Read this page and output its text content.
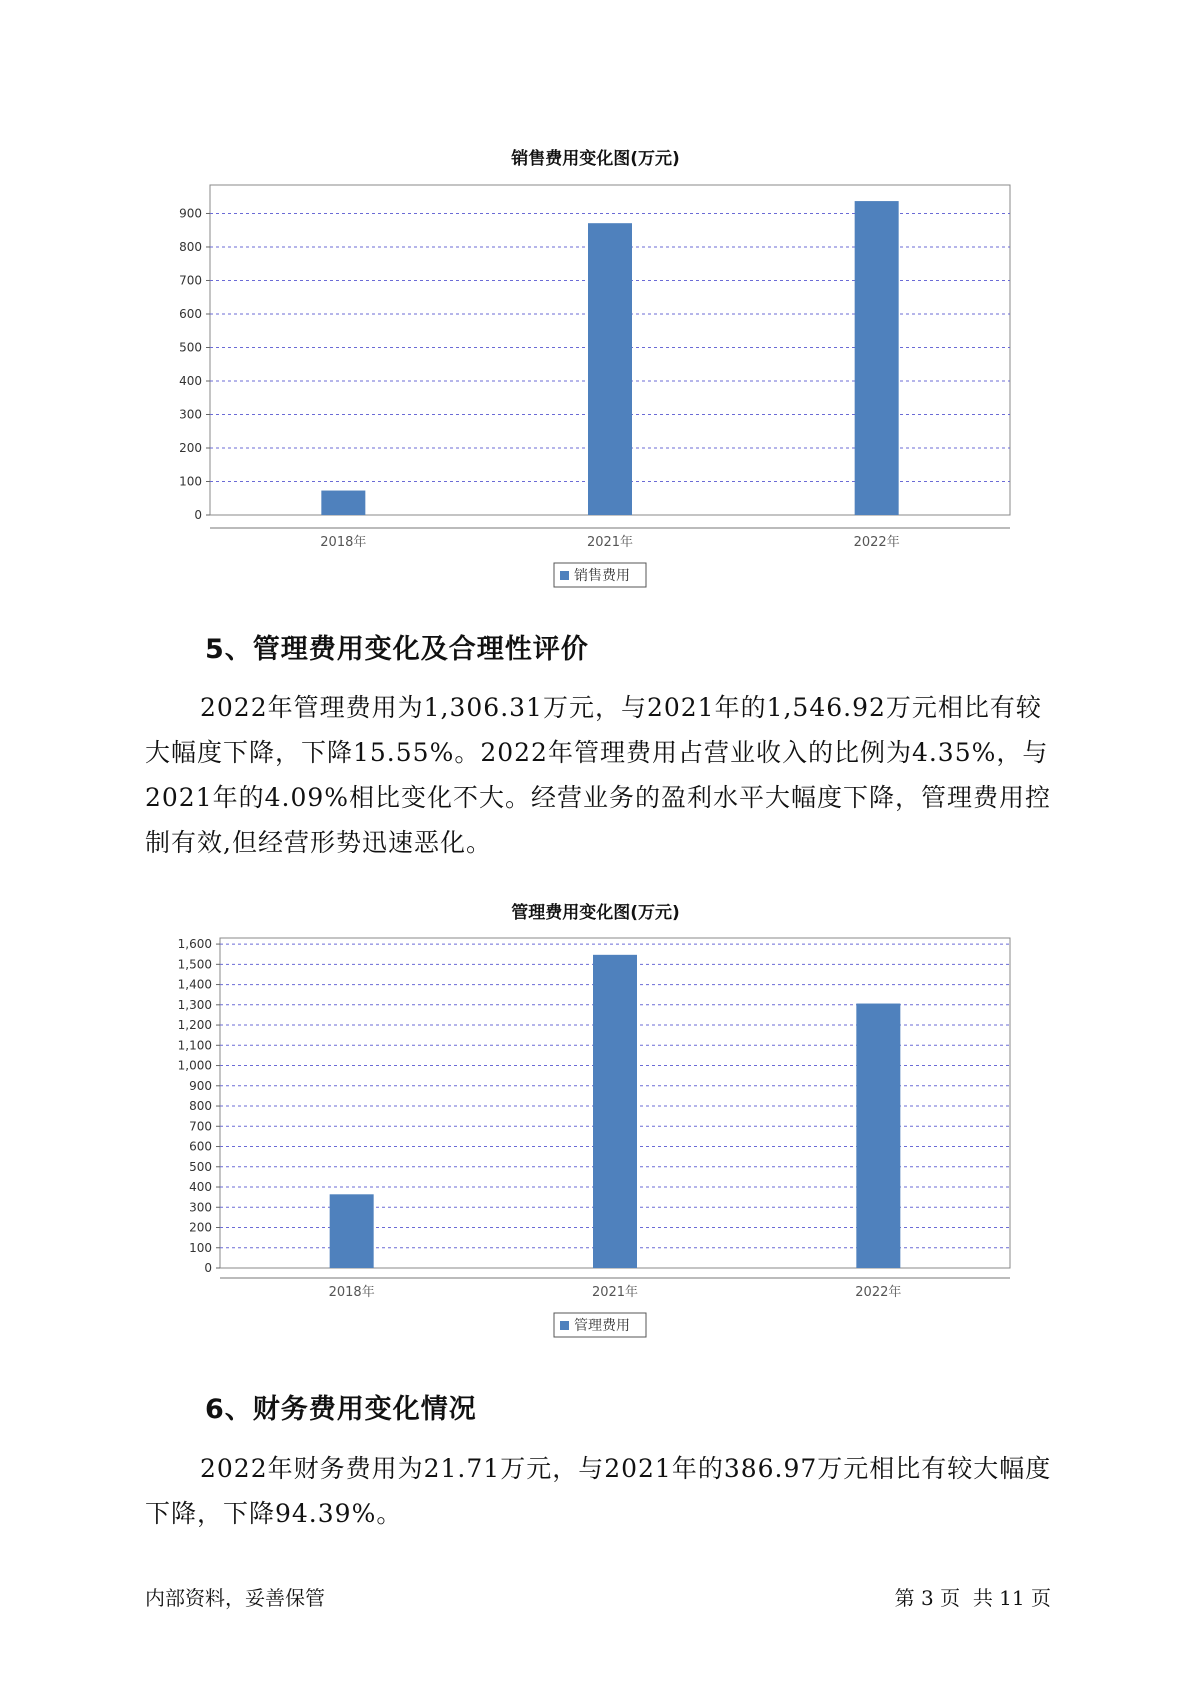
销售费用变化图(万元)
0
100
200
300
400
500
600
700
800
900
2018年	2021年	2022年
销售费用
5、管理费用变化及合理性评价

2022年管理费用为1,306.31万元，与2021年的1,546.92万元相比有较大幅度下降，下降15.55%。2022年管理费用占营业收入的比例为4.35%，与2021年的4.09%相比变化不大。经营业务的盈利水平大幅度下降，管理费用控制有效,但经营形势迅速恶化。

管理费用变化图(万元)
0
100
200
300
400
500
600
700
800
900
1,000
1,100
1,200
1,300
1,400
1,500
1,600
2018年	2021年	2022年
管理费用
6、财务费用变化情况

2022年财务费用为21.71万元，与2021年的386.97万元相比有较大幅度下降，下降94.39%。

内部资料，妥善保管	第 3 页  共 11 页
